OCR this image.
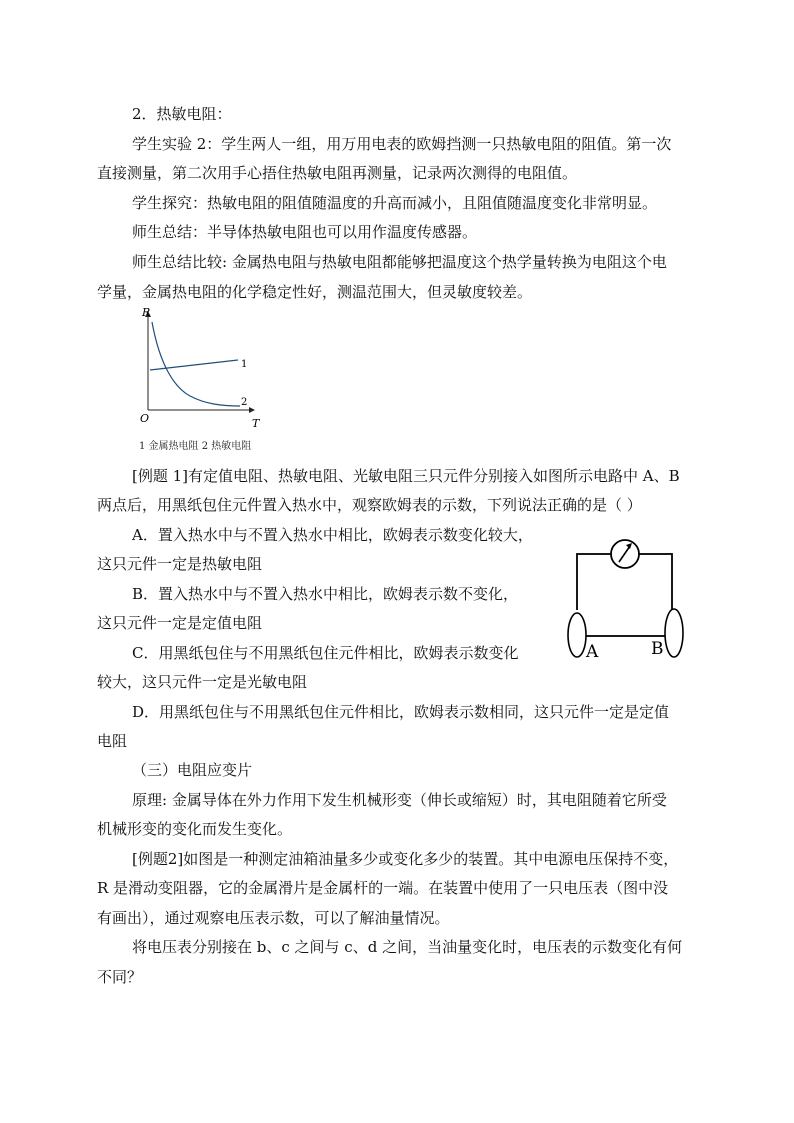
2．热敏电阻：
学生实验 2：学生两人一组，用万用电表的欧姆挡测一只热敏电阻的阻值。第一次
直接测量，第二次用手心捂住热敏电阻再测量，记录两次测得的电阻值。
学生探究：热敏电阻的阻值随温度的升高而减小，且阻值随温度变化非常明显。
师生总结：半导体热敏电阻也可以用作温度传感器。
师生总结比较: 金属热电阻与热敏电阻都能够把温度这个热学量转换为电阻这个电
学量，金属热电阻的化学稳定性好，测温范围大，但灵敏度较差。
R
T
O
1
2
1 金属热电阻 2 热敏电阻
[例题 1]有定值电阻、热敏电阻、光敏电阻三只元件分别接入如图所示电路中 A、B
两点后，用黑纸包住元件置入热水中，观察欧姆表的示数，下列说法正确的是（ ）
A．置入热水中与不置入热水中相比，欧姆表示数变化较大，
这只元件一定是热敏电阻
B．置入热水中与不置入热水中相比，欧姆表示数不变化，
这只元件一定是定值电阻
C．用黑纸包住与不用黑纸包住元件相比，欧姆表示数变化
较大，这只元件一定是光敏电阻
D．用黑纸包住与不用黑纸包住元件相比，欧姆表示数相同，这只元件一定是定值
电阻
A	B
（三）电阻应变片
原理: 金属导体在外力作用下发生机械形变（伸长或缩短）时，其电阻随着它所受
机械形变的变化而发生变化。
[例题2]如图是一种测定油箱油量多少或变化多少的装置。其中电源电压保持不变，
R 是滑动变阻器，它的金属滑片是金属杆的一端。在装置中使用了一只电压表（图中没
有画出），通过观察电压表示数，可以了解油量情况。
将电压表分别接在 b、c 之间与 c、d 之间，当油量变化时，电压表的示数变化有何
不同？
